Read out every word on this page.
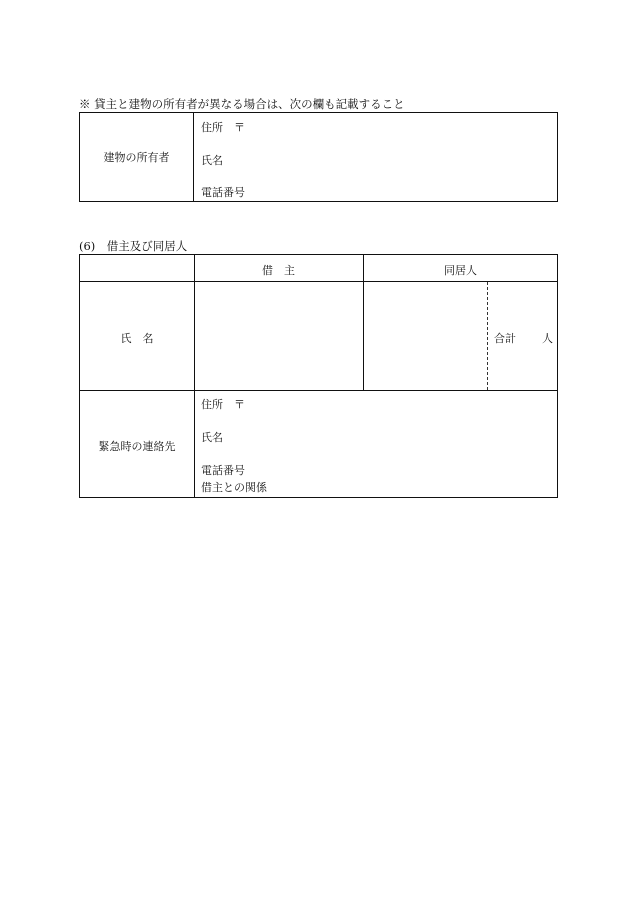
※ 貸主と建物の所有者が異なる場合は、次の欄も記載すること
建物の所有者
住所　〒
氏名
電話番号
(6)　借主及び同居人
借　主	同居人
氏　名	合計 人
緊急時の連絡先
住所　〒
氏名
電話番号
借主との関係
